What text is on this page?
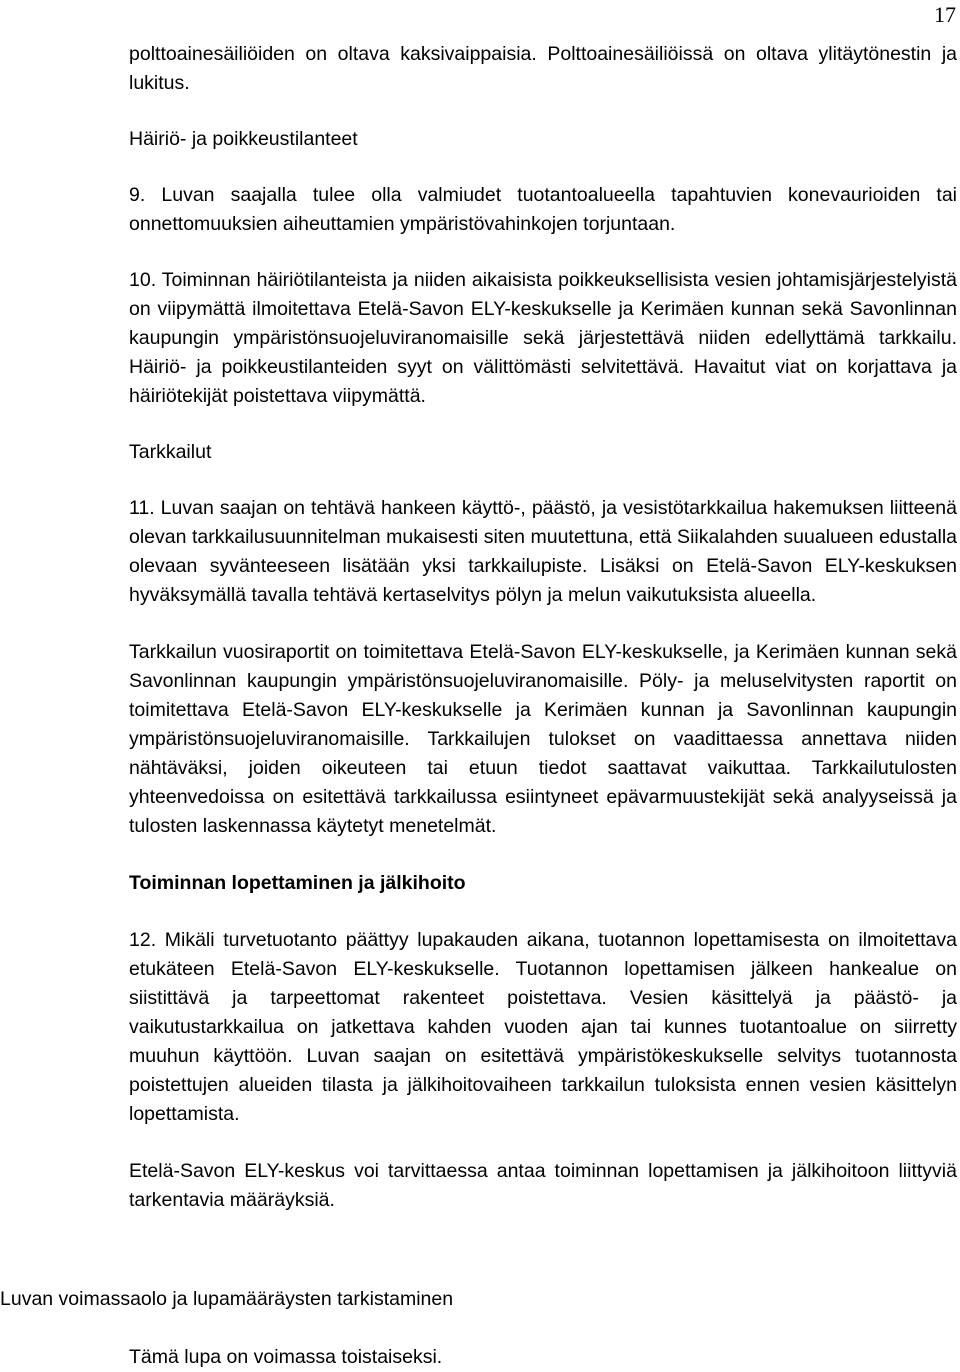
17

polttoainesäiliöiden on oltava kaksivaippaisia. Polttoainesäiliöissä on oltava ylitäytönestin ja lukitus.

Häiriö- ja poikkeustilanteet

9. Luvan saajalla tulee olla valmiudet tuotantoalueella tapahtuvien konevaurioiden tai onnettomuuksien aiheuttamien ympäristövahinkojen torjuntaan.

10. Toiminnan häiriötilanteista ja niiden aikaisista poikkeuksellisista vesien johtamisjärjestelyistä on viipymättä ilmoitettava Etelä-Savon ELY-keskukselle ja Kerimäen kunnan sekä Savonlinnan kaupungin ympäristönsuojeluviranomaisille sekä järjestettävä niiden edellyttämä tarkkailu. Häiriö- ja poikkeustilanteiden syyt on välittömästi selvitettävä. Havaitut viat on korjattava ja häiriötekijät poistettava viipymättä.

Tarkkailut

11. Luvan saajan on tehtävä hankeen käyttö-, päästö, ja vesistötarkkailua hakemuksen liitteenä olevan tarkkailusuunnitelman mukaisesti siten muutettuna, että Siikalahden suualueen edustalla olevaan syvänteeseen lisätään yksi tarkkailupiste. Lisäksi on Etelä-Savon ELY-keskuksen hyväksymällä tavalla tehtävä kertaselvitys pölyn ja melun vaikutuksista alueella.

Tarkkailun vuosiraportit on toimitettava Etelä-Savon ELY-keskukselle, ja Kerimäen kunnan sekä Savonlinnan kaupungin ympäristönsuojeluviranomaisille. Pöly- ja meluselvitysten raportit on toimitettava Etelä-Savon ELY-keskukselle ja Kerimäen kunnan ja Savonlinnan kaupungin ympäristönsuojeluviranomaisille. Tarkkailujen tulokset on vaadittaessa annettava niiden nähtäväksi, joiden oikeuteen tai etuun tiedot saattavat vaikuttaa. Tarkkailutulosten yhteenvedoissa on esitettävä tarkkailussa esiintyneet epävarmuustekijät sekä analyyseissä ja tulosten laskennassa käytetyt menetelmät.

Toiminnan lopettaminen ja jälkihoito

12. Mikäli turvetuotanto päättyy lupakauden aikana, tuotannon lopettamisesta on ilmoitettava etukäteen Etelä-Savon ELY-keskukselle. Tuotannon lopettamisen jälkeen hankealue on siistittävä ja tarpeettomat rakenteet poistettava. Vesien käsittelyä ja päästö- ja vaikutustarkkailua on jatkettava kahden vuoden ajan tai kunnes tuotantoalue on siirretty muuhun käyttöön. Luvan saajan on esitettävä ympäristökeskukselle selvitys tuotannosta poistettujen alueiden tilasta ja jälkihoitovaiheen tarkkailun tuloksista ennen vesien käsittelyn lopettamista.

Etelä-Savon ELY-keskus voi tarvittaessa antaa toiminnan lopettamisen ja jälkihoitoon liittyviä tarkentavia määräyksiä.

Luvan voimassaolo ja lupamääräysten tarkistaminen

Tämä lupa on voimassa toistaiseksi.
